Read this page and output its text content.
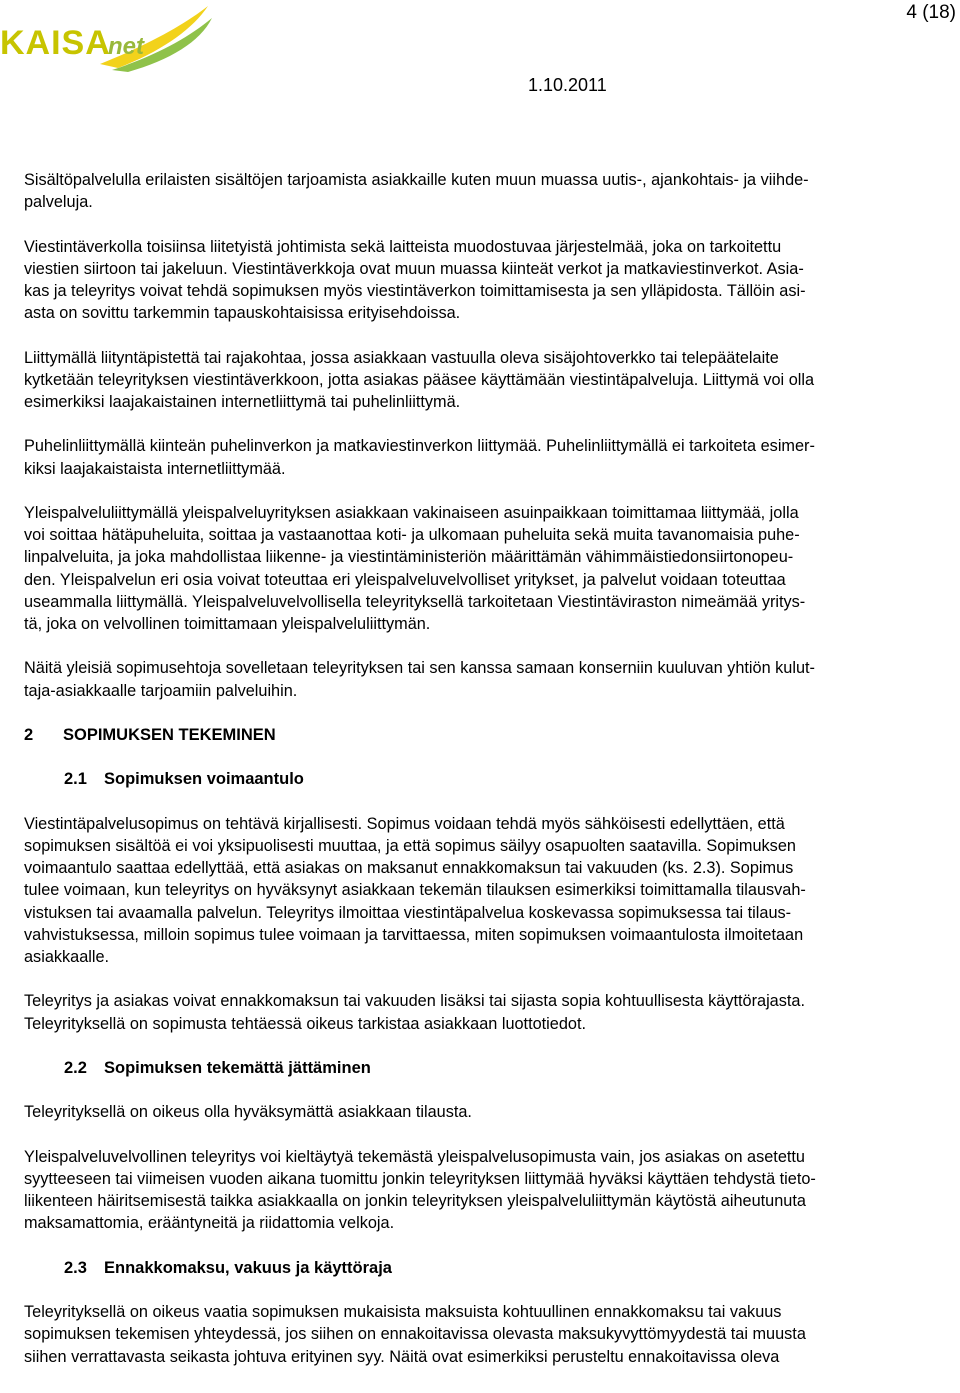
KAISA
net
4 (18)
1.10.2011

Sisältöpalvelulla erilaisten sisältöjen tarjoamista asiakkaille kuten muun muassa uutis-, ajankohtais- ja viihde-
palveluja.

Viestintäverkolla toisiinsa liitetyistä johtimista sekä laitteista muodostuvaa järjestelmää, joka on tarkoitettu
viestien siirtoon tai jakeluun. Viestintäverkkoja ovat muun muassa kiinteät verkot ja matkaviestinverkot. Asia-
kas ja teleyritys voivat tehdä sopimuksen myös viestintäverkon toimittamisesta ja sen ylläpidosta. Tällöin asi-
asta on sovittu tarkemmin tapauskohtaisissa erityisehdoissa.

Liittymällä liityntäpistettä tai rajakohtaa, jossa asiakkaan vastuulla oleva sisäjohtoverkko tai telepäätelaite
kytketään teleyrityksen viestintäverkkoon, jotta asiakas pääsee käyttämään viestintäpalveluja. Liittymä voi olla
esimerkiksi laajakaistainen internetliittymä tai puhelinliittymä.

Puhelinliittymällä kiinteän puhelinverkon ja matkaviestinverkon liittymää. Puhelinliittymällä ei tarkoiteta esimer-
kiksi laajakaistaista internetliittymää.

Yleispalveluliittymällä yleispalveluyrityksen asiakkaan vakinaiseen asuinpaikkaan toimittamaa liittymää, jolla
voi soittaa hätäpuheluita, soittaa ja vastaanottaa koti- ja ulkomaan puheluita sekä muita tavanomaisia puhe-
linpalveluita, ja joka mahdollistaa liikenne- ja viestintäministeriön määrittämän vähimmäistiedonsiirtonopeu-
den. Yleispalvelun eri osia voivat toteuttaa eri yleispalveluvelvolliset yritykset, ja palvelut voidaan toteuttaa
useammalla liittymällä. Yleispalveluvelvollisella teleyrityksellä tarkoitetaan Viestintäviraston nimeämää yritys-
tä, joka on velvollinen toimittamaan yleispalveluliittymän.

Näitä yleisiä sopimusehtoja sovelletaan teleyrityksen tai sen kanssa samaan konserniin kuuluvan yhtiön kulut-
taja-asiakkaalle tarjoamiin palveluihin.

2 SOPIMUKSEN TEKEMINEN
2.1 Sopimuksen voimaantulo

Viestintäpalvelusopimus on tehtävä kirjallisesti. Sopimus voidaan tehdä myös sähköisesti edellyttäen, että
sopimuksen sisältöä ei voi yksipuolisesti muuttaa, ja että sopimus säilyy osapuolten saatavilla. Sopimuksen
voimaantulo saattaa edellyttää, että asiakas on maksanut ennakkomaksun tai vakuuden (ks. 2.3). Sopimus
tulee voimaan, kun teleyritys on hyväksynyt asiakkaan tekemän tilauksen esimerkiksi toimittamalla tilausvah-
vistuksen tai avaamalla palvelun. Teleyritys ilmoittaa viestintäpalvelua koskevassa sopimuksessa tai tilaus-
vahvistuksessa, milloin sopimus tulee voimaan ja tarvittaessa, miten sopimuksen voimaantulosta ilmoitetaan
asiakkaalle.

Teleyritys ja asiakas voivat ennakkomaksun tai vakuuden lisäksi tai sijasta sopia kohtuullisesta käyttörajasta.
Teleyrityksellä on sopimusta tehtäessä oikeus tarkistaa asiakkaan luottotiedot.

2.2 Sopimuksen tekemättä jättäminen

Teleyrityksellä on oikeus olla hyväksymättä asiakkaan tilausta.

Yleispalveluvelvollinen teleyritys voi kieltäytyä tekemästä yleispalvelusopimusta vain, jos asiakas on asetettu
syytteeseen tai viimeisen vuoden aikana tuomittu jonkin teleyrityksen liittymää hyväksi käyttäen tehdystä tieto-
liikenteen häiritsemisestä taikka asiakkaalla on jonkin teleyrityksen yleispalveluliittymän käytöstä aiheutunuta
maksamattomia, erääntyneitä ja riidattomia velkoja.

2.3 Ennakkomaksu, vakuus ja käyttöraja

Teleyrityksellä on oikeus vaatia sopimuksen mukaisista maksuista kohtuullinen ennakkomaksu tai vakuus
sopimuksen tekemisen yhteydessä, jos siihen on ennakoitavissa olevasta maksukyvyttömyydestä tai muusta
siihen verrattavasta seikasta johtuva erityinen syy. Näitä ovat esimerkiksi perusteltu ennakoitavissa oleva
